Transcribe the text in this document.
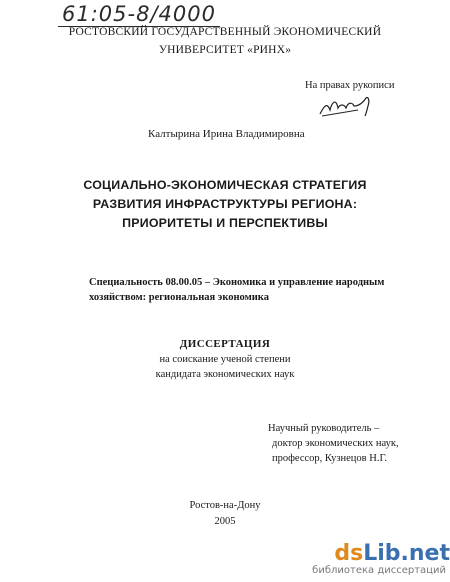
61:05-8/4000
РОСТОВСКИЙ ГОСУДАРСТВЕННЫЙ ЭКОНОМИЧЕСКИЙ
УНИВЕРСИТЕТ «РИНХ»
На правах рукописи
Калтырина Ирина Владимировна
СОЦИАЛЬНО-ЭКОНОМИЧЕСКАЯ СТРАТЕГИЯ
РАЗВИТИЯ ИНФРАСТРУКТУРЫ РЕГИОНА:
ПРИОРИТЕТЫ И ПЕРСПЕКТИВЫ
Специальность 08.00.05 – Экономика и управление народным
хозяйством: региональная экономика
ДИССЕРТАЦИЯ
на соискание ученой степени
кандидата экономических наук
Научный руководитель –
доктор экономических наук,
профессор, Кузнецов Н.Г.
Ростов-на-Дону
2005
dsLib.net
библиотека диссертаций
